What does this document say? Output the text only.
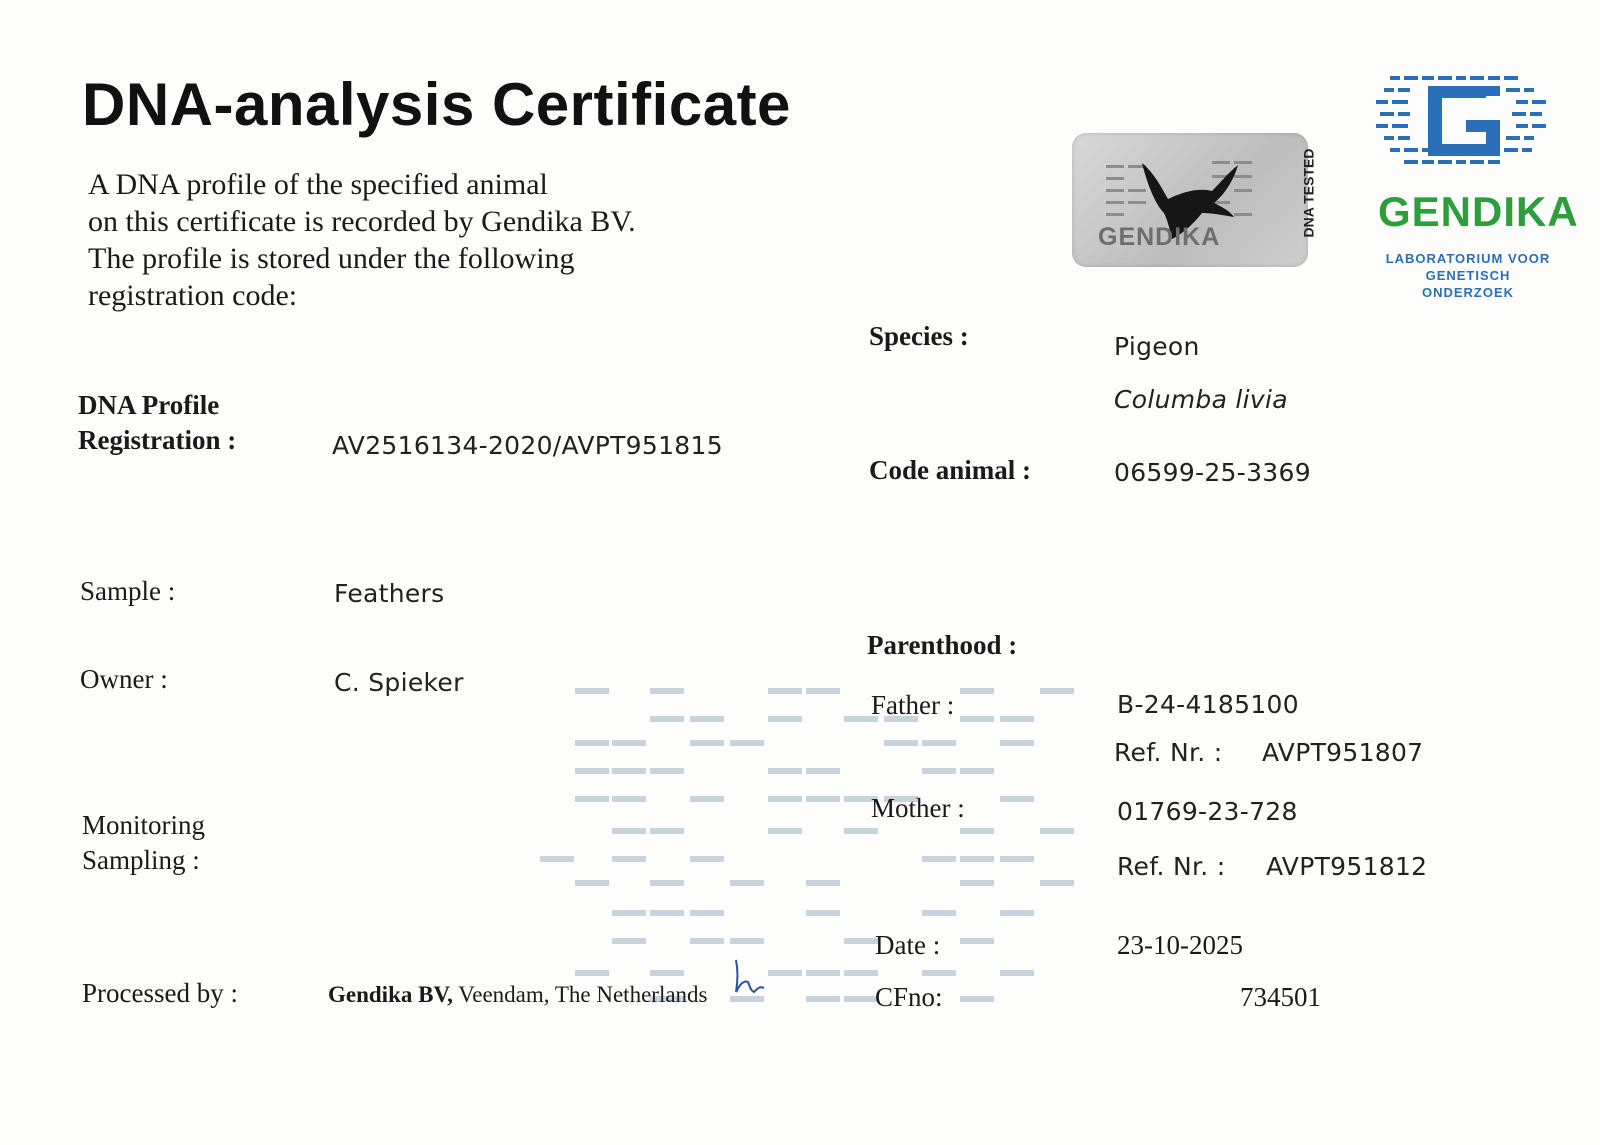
DNA-analysis Certificate
A DNA profile of the specified animal
on this certificate is recorded by Gendika BV.
The profile is stored under the following
registration code:
GENDIKA	DNA TESTED GENDIKA
LABORATORIUM VOOR
GENETISCH ONDERZOEK
DNA Profile
Registration :	AV2516134-2020/AVPT951815
Sample :	Feathers
Owner :	C. Spieker
Monitoring
Sampling :
Processed by :	Gendika BV, Veendam, The Netherlands
Species :	Pigeon
Columba livia
Code animal :	06599-25-3369
Parenthood :
Father :	B-24-4185100
Ref. Nr. : AVPT951807
Mother :	01769-23-728
Ref. Nr. : AVPT951812
Date :	23-10-2025
CFno:	734501
